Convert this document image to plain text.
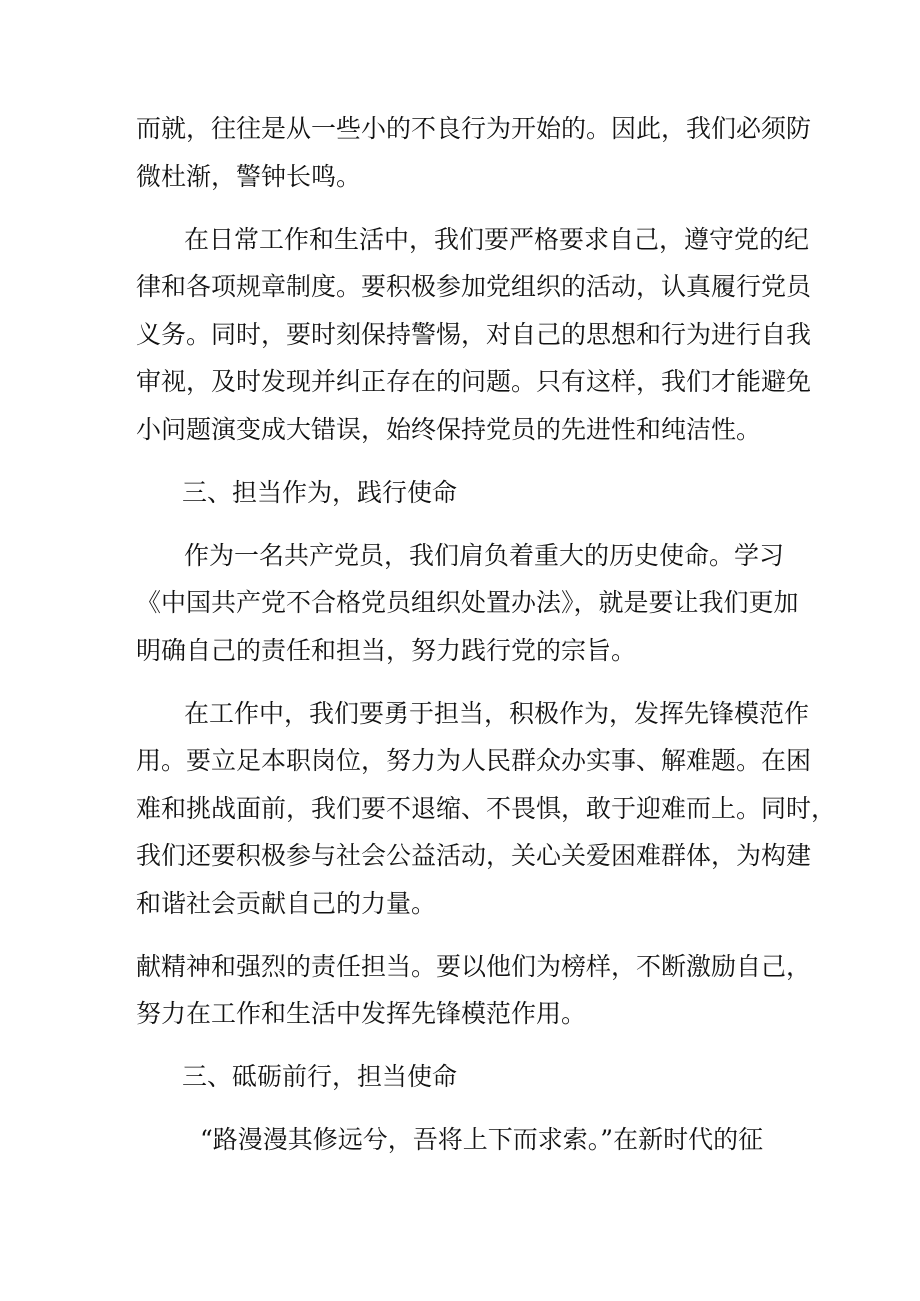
而就，往往是从一些小的不良行为开始的。因此，我们必须防

微杜渐，警钟长鸣。

在日常工作和生活中，我们要严格要求自己，遵守党的纪

律和各项规章制度。要积极参加党组织的活动，认真履行党员

义务。同时，要时刻保持警惕，对自己的思想和行为进行自我

审视，及时发现并纠正存在的问题。只有这样，我们才能避免

小问题演变成大错误，始终保持党员的先进性和纯洁性。

三、担当作为，践行使命

作为一名共产党员，我们肩负着重大的历史使命。学习

《中国共产党不合格党员组织处置办法》，就是要让我们更加

明确自己的责任和担当，努力践行党的宗旨。

在工作中，我们要勇于担当，积极作为，发挥先锋模范作

用。要立足本职岗位，努力为人民群众办实事、解难题。在困

难和挑战面前，我们要不退缩、不畏惧，敢于迎难而上。同时，

我们还要积极参与社会公益活动，关心关爱困难群体，为构建

和谐社会贡献自己的力量。

献精神和强烈的责任担当。要以他们为榜样，不断激励自己，

努力在工作和生活中发挥先锋模范作用。

三、砥砺前行，担当使命

“路漫漫其修远兮，吾将上下而求索。”在新时代的征
